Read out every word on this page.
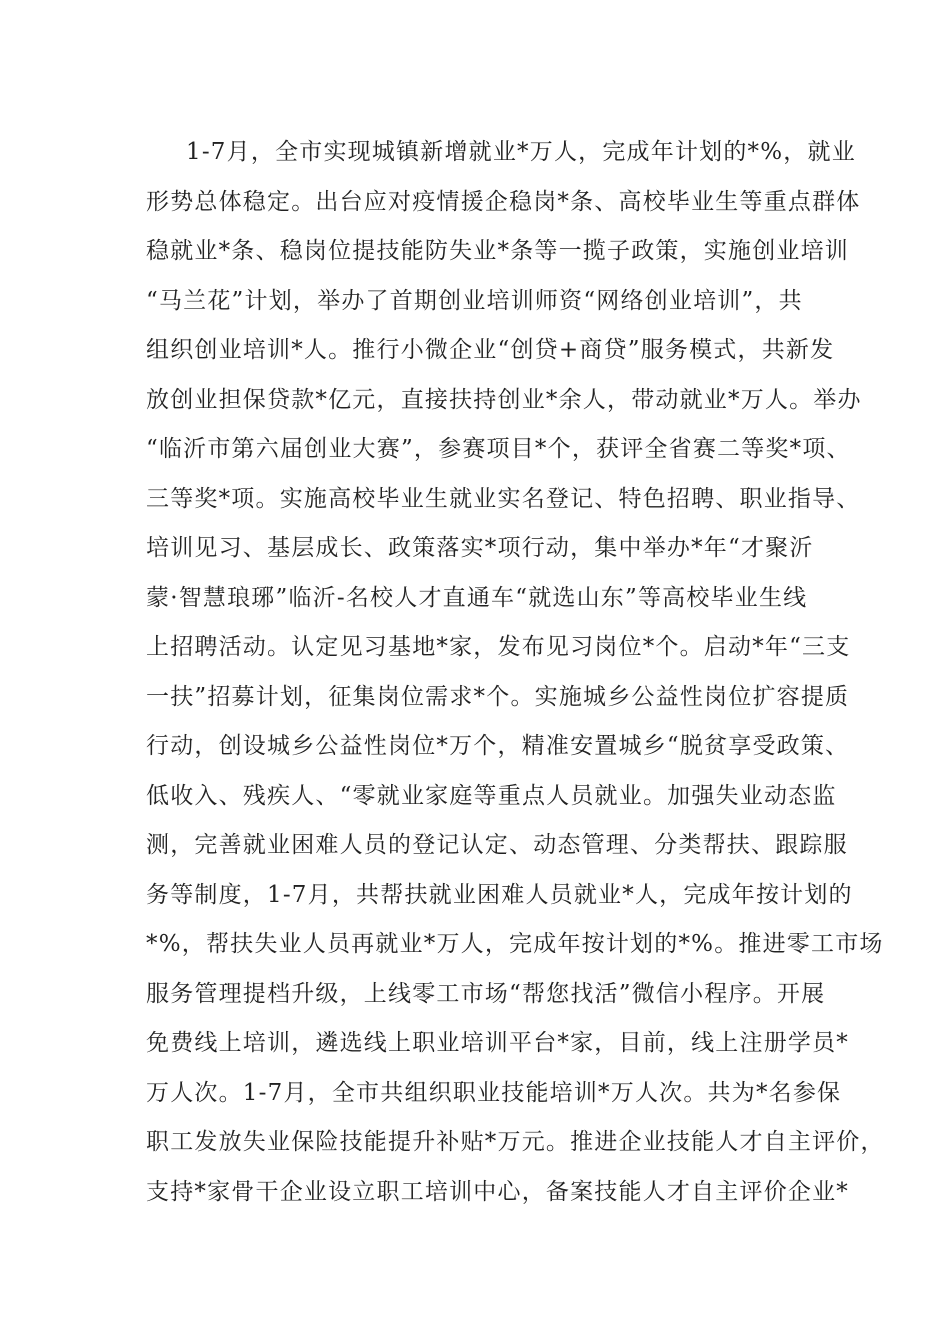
1-7月，全市实现城镇新增就业*万人，完成年计划的*%，就业
形势总体稳定。出台应对疫情援企稳岗*条、高校毕业生等重点群体
稳就业*条、稳岗位提技能防失业*条等一揽子政策，实施创业培训
“马兰花”计划，举办了首期创业培训师资“网络创业培训”，共
组织创业培训*人。推行小微企业“创贷+商贷”服务模式，共新发
放创业担保贷款*亿元，直接扶持创业*余人，带动就业*万人。举办
“临沂市第六届创业大赛”，参赛项目*个，获评全省赛二等奖*项、
三等奖*项。实施高校毕业生就业实名登记、特色招聘、职业指导、
培训见习、基层成长、政策落实*项行动，集中举办*年“才聚沂
蒙·智慧琅琊”临沂-名校人才直通车“就选山东”等高校毕业生线
上招聘活动。认定见习基地*家，发布见习岗位*个。启动*年“三支
一扶”招募计划，征集岗位需求*个。实施城乡公益性岗位扩容提质
行动，创设城乡公益性岗位*万个，精准安置城乡“脱贫享受政策、
低收入、残疾人、“零就业家庭等重点人员就业。加强失业动态监
测，完善就业困难人员的登记认定、动态管理、分类帮扶、跟踪服
务等制度，1-7月，共帮扶就业困难人员就业*人，完成年按计划的
*%，帮扶失业人员再就业*万人，完成年按计划的*%。推进零工市场
服务管理提档升级，上线零工市场“帮您找活”微信小程序。开展
免费线上培训，遴选线上职业培训平台*家，目前，线上注册学员*
万人次。1-7月，全市共组织职业技能培训*万人次。共为*名参保
职工发放失业保险技能提升补贴*万元。推进企业技能人才自主评价，
支持*家骨干企业设立职工培训中心，备案技能人才自主评价企业*
